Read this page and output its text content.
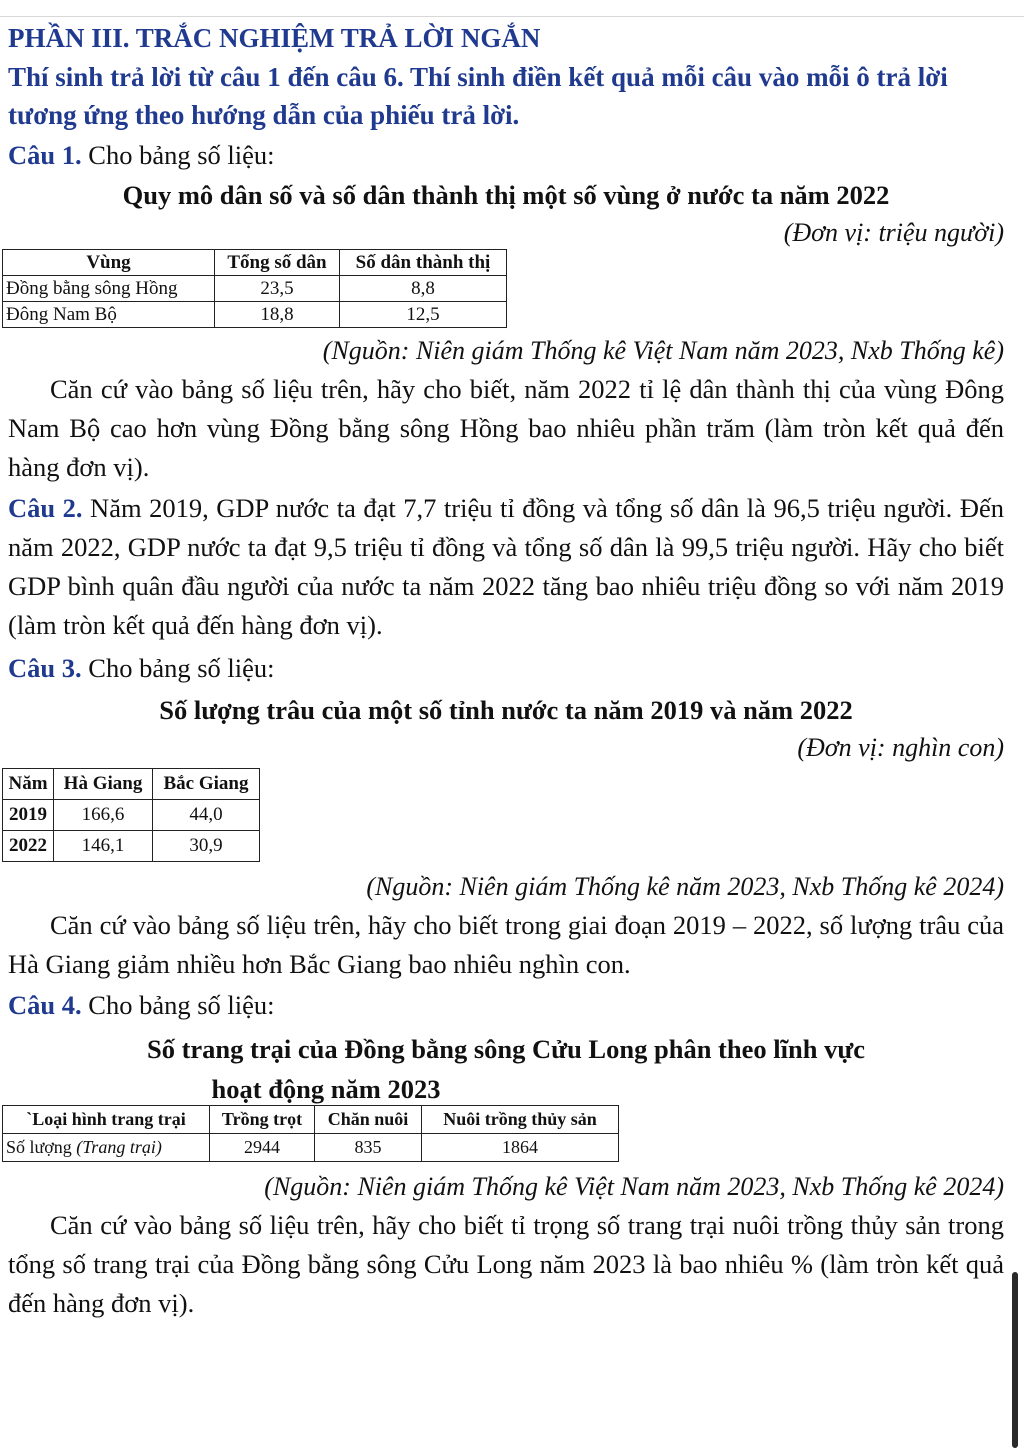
PHẦN III. TRẮC NGHIỆM TRẢ LỜI NGẮN

Thí sinh trả lời từ câu 1 đến câu 6. Thí sinh điền kết quả mỗi câu vào mỗi ô trả lời tương ứng theo hướng dẫn của phiếu trả lời.

Câu 1. Cho bảng số liệu:

Quy mô dân số và số dân thành thị một số vùng ở nước ta năm 2022

(Đơn vị: triệu người)

Vùng	Tổng số dân	Số dân thành thị
Đồng bằng sông Hồng	23,5	8,8
Đông Nam Bộ	18,8	12,5

(Nguồn: Niên giám Thống kê Việt Nam năm 2023, Nxb Thống kê)

Căn cứ vào bảng số liệu trên, hãy cho biết, năm 2022 tỉ lệ dân thành thị của vùng Đông Nam Bộ cao hơn vùng Đồng bằng sông Hồng bao nhiêu phần trăm (làm tròn kết quả đến hàng đơn vị).

Câu 2. Năm 2019, GDP nước ta đạt 7,7 triệu tỉ đồng và tổng số dân là 96,5 triệu người. Đến năm 2022, GDP nước ta đạt 9,5 triệu tỉ đồng và tổng số dân là 99,5 triệu người. Hãy cho biết GDP bình quân đầu người của nước ta năm 2022 tăng bao nhiêu triệu đồng so với năm 2019 (làm tròn kết quả đến hàng đơn vị).

Câu 3. Cho bảng số liệu:

Số lượng trâu của một số tỉnh nước ta năm 2019 và năm 2022

(Đơn vị: nghìn con)

Năm	Hà Giang	Bắc Giang
2019	166,6	44,0
2022	146,1	30,9

(Nguồn: Niên giám Thống kê năm 2023, Nxb Thống kê 2024)

Căn cứ vào bảng số liệu trên, hãy cho biết trong giai đoạn 2019 – 2022, số lượng trâu của Hà Giang giảm nhiều hơn Bắc Giang bao nhiêu nghìn con.

Câu 4. Cho bảng số liệu:

Số trang trại của Đồng bằng sông Cửu Long phân theo lĩnh vực

hoạt động năm 2023

`Loại hình trang trại	Trồng trọt	Chăn nuôi	Nuôi trồng thủy sản
Số lượng (Trang trại)	2944	835	1864

(Nguồn: Niên giám Thống kê Việt Nam năm 2023, Nxb Thống kê 2024)

Căn cứ vào bảng số liệu trên, hãy cho biết tỉ trọng số trang trại nuôi trồng thủy sản trong tổng số trang trại của Đồng bằng sông Cửu Long năm 2023 là bao nhiêu % (làm tròn kết quả đến hàng đơn vị).
